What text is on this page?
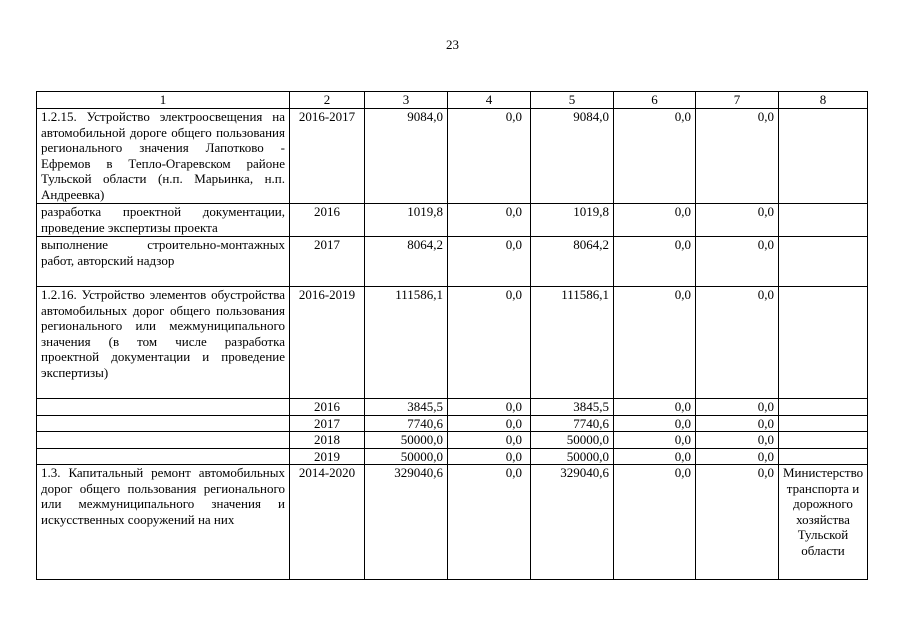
23
1	2	3	4	5	6	7	8
1.2.15. Устройство электроосвещения на автомобильной дороге общего пользования регионального значения Лапотково - Ефремов в Тепло-Огаревском районе Тульской области (н.п. Марьинка, н.п. Андреевка)	2016-2017	9084,0	0,0	9084,0	0,0	0,0	
разработка проектной документации, проведение экспертизы проекта	2016	1019,8	0,0	1019,8	0,0	0,0	
выполнение строительно-монтажных работ, авторский надзор	2017	8064,2	0,0	8064,2	0,0	0,0	
1.2.16. Устройство элементов обустройства автомобильных дорог общего пользования регионального или межмуниципального значения (в том числе разработка проектной документации и проведение экспертизы)	2016-2019	111586,1	0,0	111586,1	0,0	0,0	
	2016	3845,5	0,0	3845,5	0,0	0,0	
	2017	7740,6	0,0	7740,6	0,0	0,0	
	2018	50000,0	0,0	50000,0	0,0	0,0	
	2019	50000,0	0,0	50000,0	0,0	0,0	
1.3. Капитальный ремонт автомобильных дорог общего пользования регионального или межмуниципального значения и искусственных сооружений на них	2014-2020	329040,6	0,0	329040,6	0,0	0,0	Министерство транспорта и дорожного хозяйства Тульской области
